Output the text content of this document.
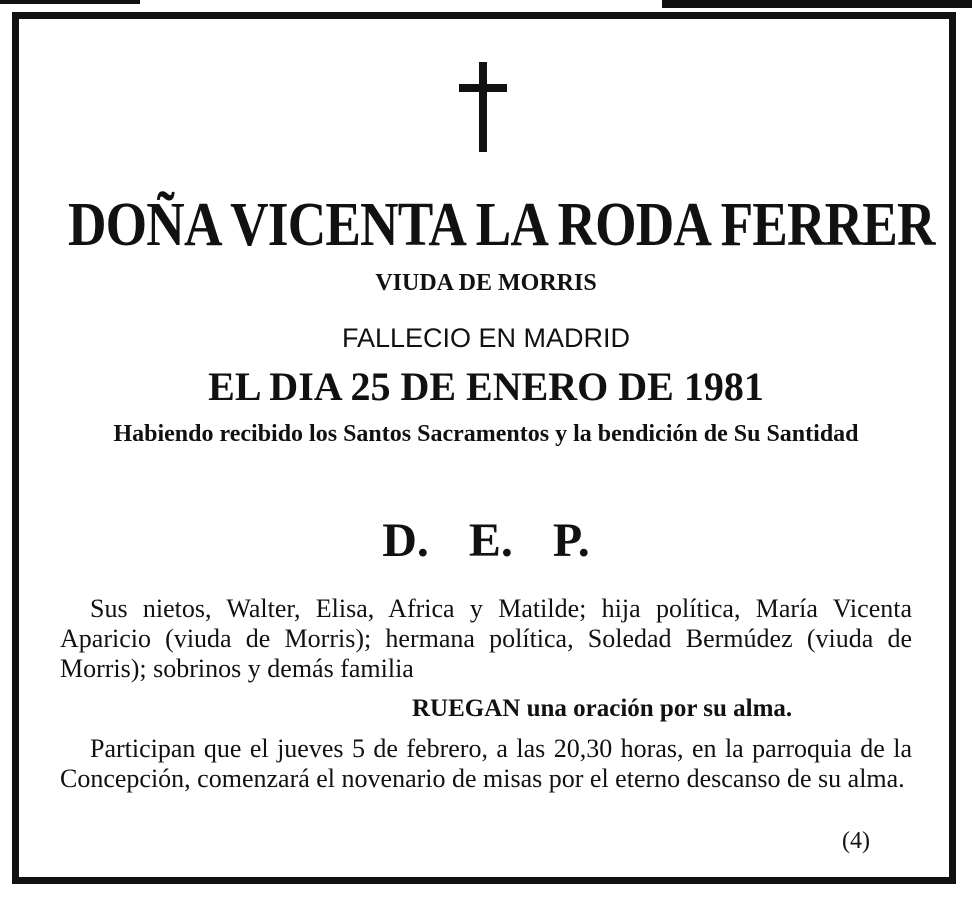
DOÑA VICENTA LA RODA FERRER
VIUDA DE MORRIS
FALLECIO EN MADRID
EL DIA 25 DE ENERO DE 1981
Habiendo recibido los Santos Sacramentos y la bendición de Su Santidad
D. E. P.

Sus nietos, Walter, Elisa, Africa y Matilde; hija política, María Vicenta Aparicio (viuda de Morris); hermana política, Soledad Bermúdez (viuda de Morris); sobrinos y demás familia

RUEGAN una oración por su alma.

Participan que el jueves 5 de febrero, a las 20,30 horas, en la parroquia de la Concepción, comenzará el novenario de misas por el eterno descanso de su alma.

(4)
